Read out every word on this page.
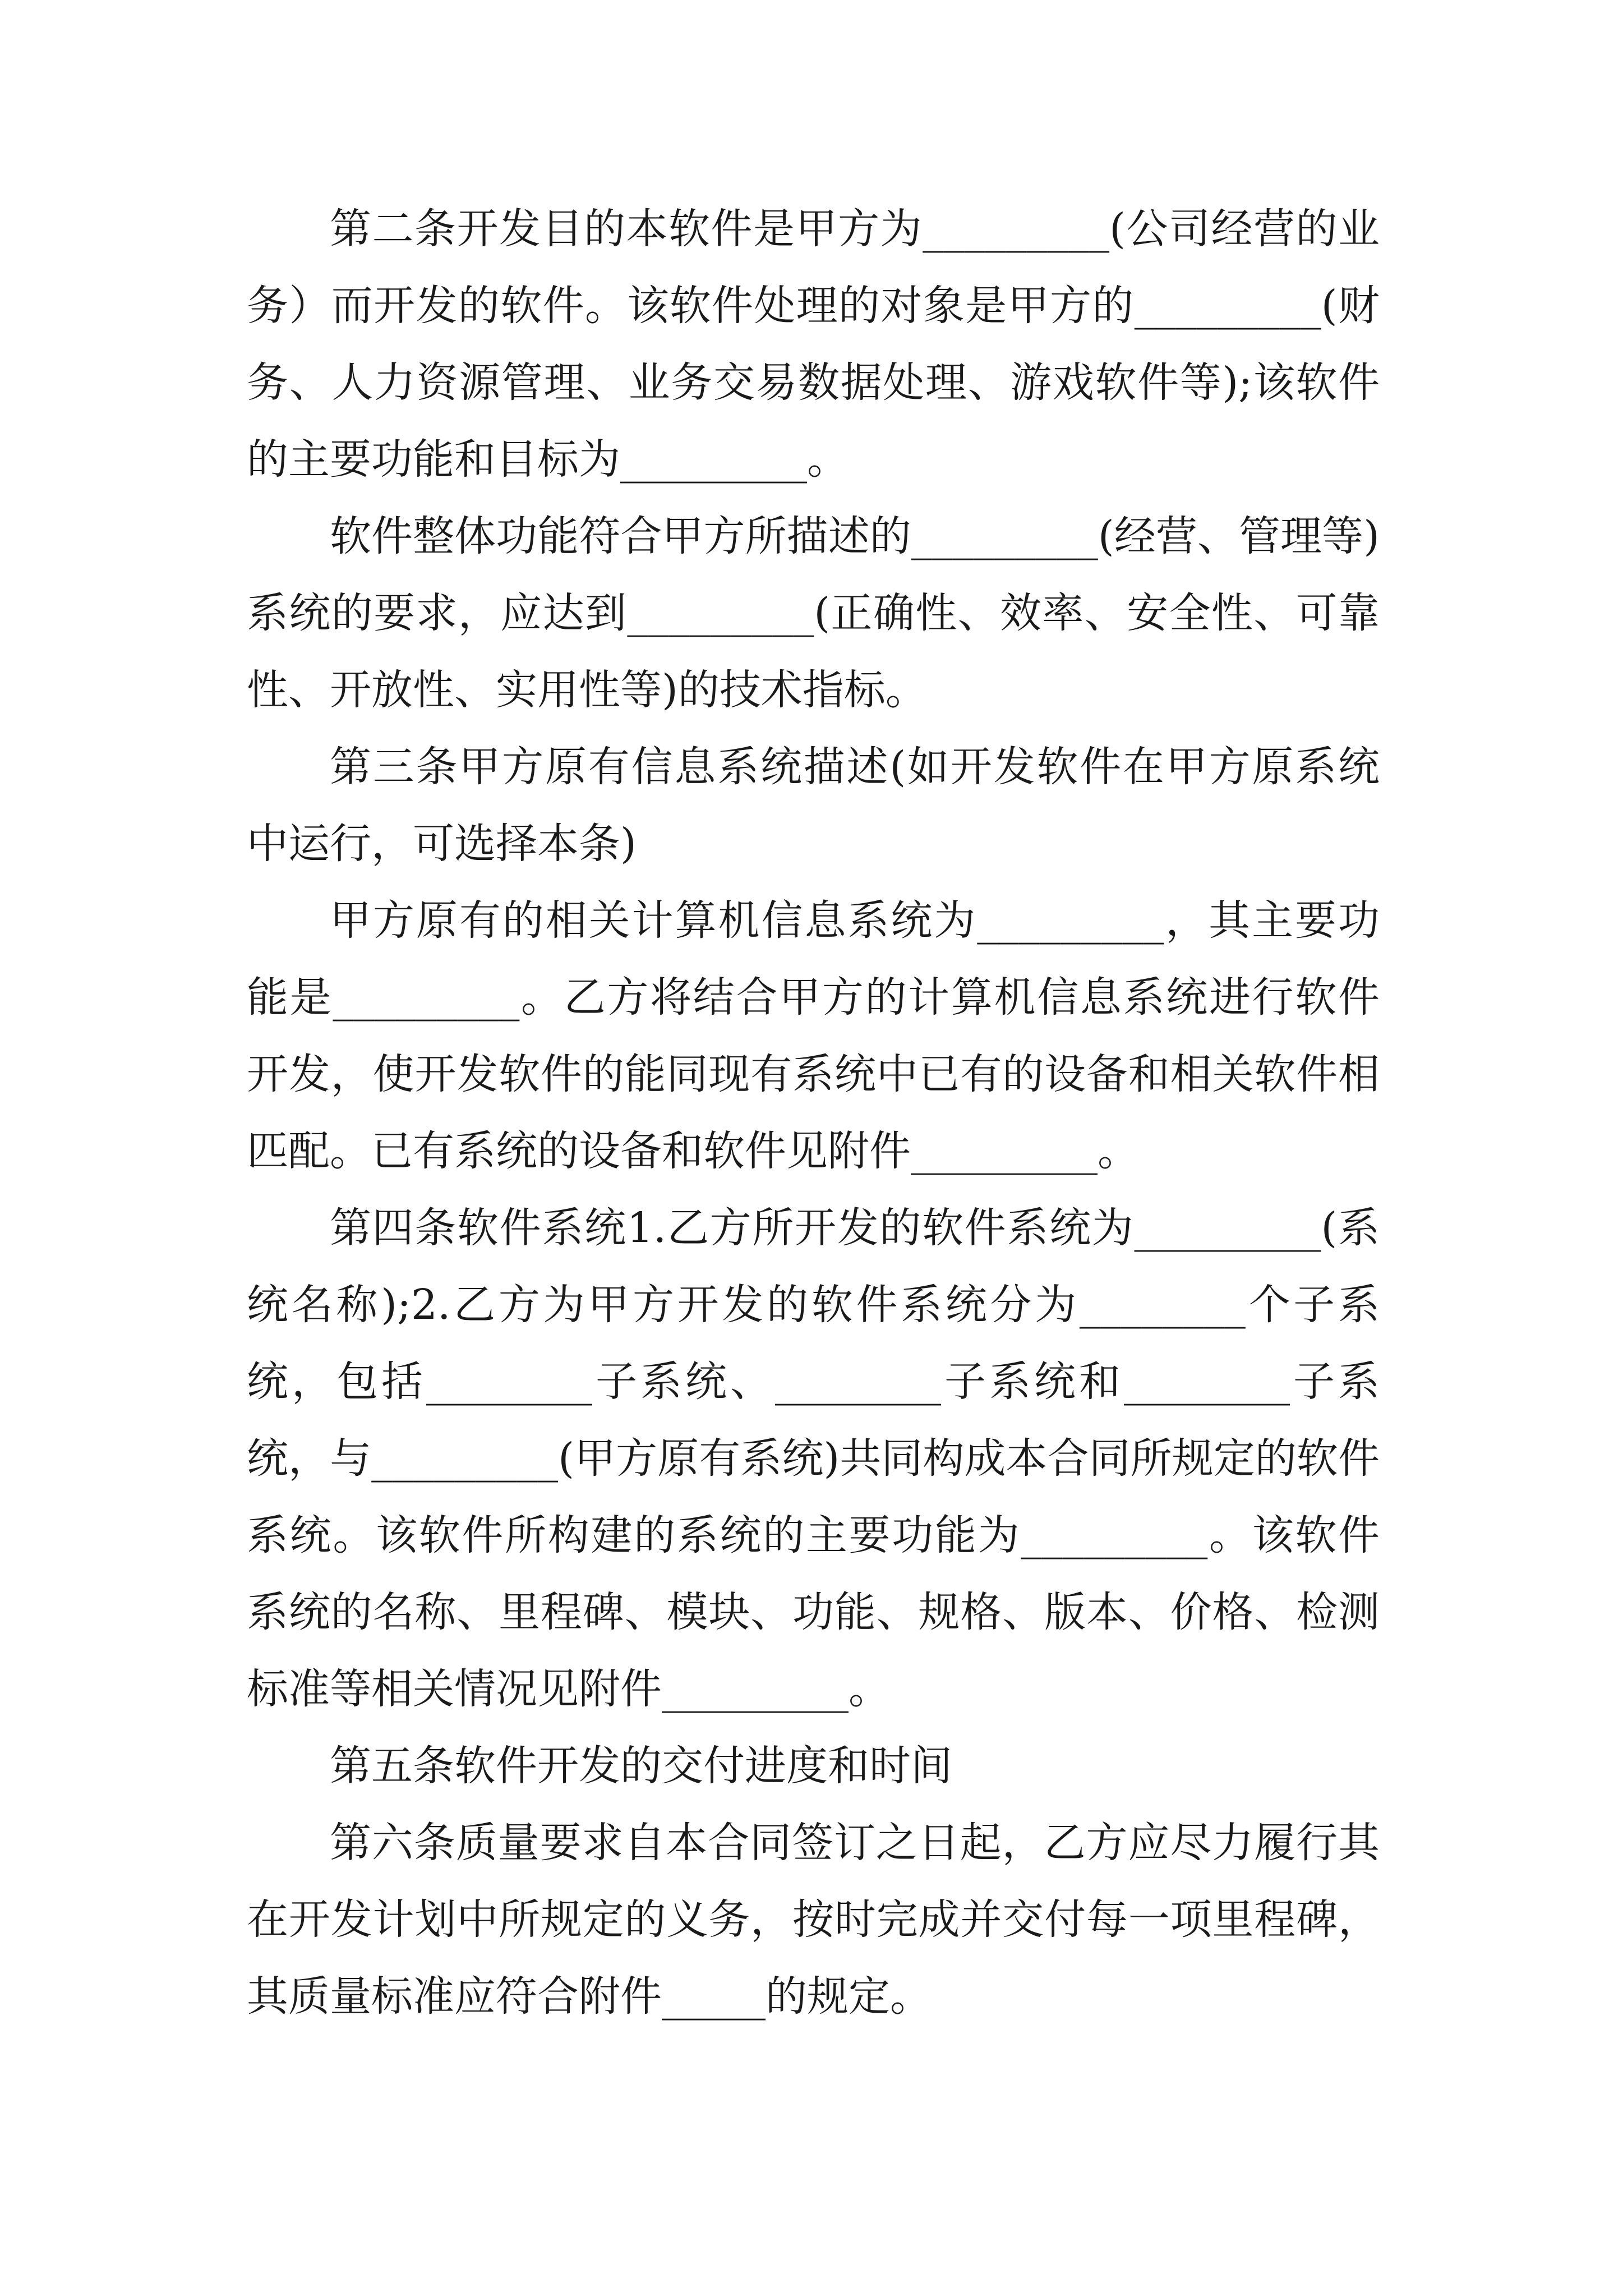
第二条开发目的本软件是甲方为_________(公司经营的业务）而开发的软件。该软件处理的对象是甲方的_________(财务、人力资源管理、业务交易数据处理、游戏软件等);该软件的主要功能和目标为_________。

软件整体功能符合甲方所描述的_________(经营、管理等)系统的要求，应达到_________(正确性、效率、安全性、可靠性、开放性、实用性等)的技术指标。

第三条甲方原有信息系统描述(如开发软件在甲方原系统中运行，可选择本条)

甲方原有的相关计算机信息系统为_________，其主要功能是_________。乙方将结合甲方的计算机信息系统进行软件开发，使开发软件的能同现有系统中已有的设备和相关软件相匹配。已有系统的设备和软件见附件_________。

第四条软件系统1.乙方所开发的软件系统为_________(系统名称);2.乙方为甲方开发的软件系统分为________个子系统，包括________子系统、________子系统和________子系统，与_________(甲方原有系统)共同构成本合同所规定的软件系统。该软件所构建的系统的主要功能为_________。该软件系统的名称、里程碑、模块、功能、规格、版本、价格、检测标准等相关情况见附件_________。

第五条软件开发的交付进度和时间

第六条质量要求自本合同签订之日起，乙方应尽力履行其在开发计划中所规定的义务，按时完成并交付每一项里程碑，其质量标准应符合附件_____的规定。
